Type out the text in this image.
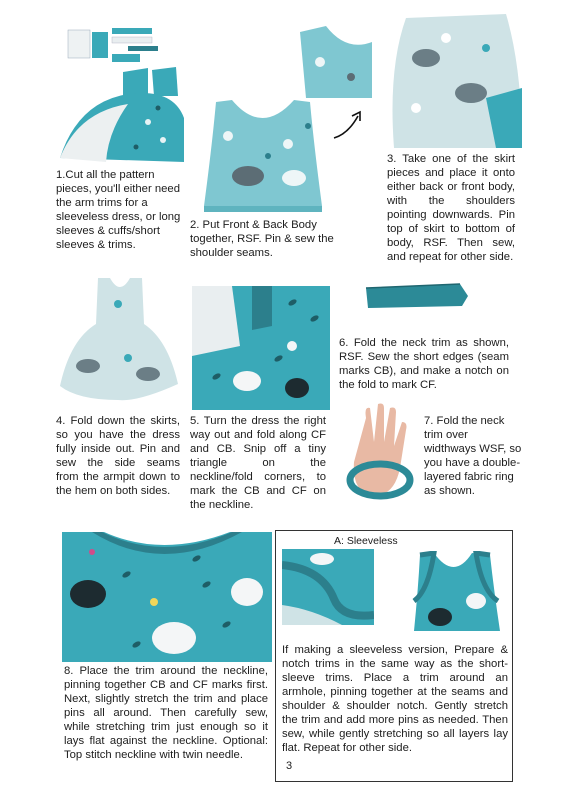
1.Cut all the pattern pieces, you'll either need the arm trims for a sleeveless dress, or long sleeves & cuffs/short sleeves & trims.
2. Put Front & Back Body together, RSF. Pin & sew the shoulder seams.
3. Take one of the skirt pieces and place it onto either back or front body, with the shoulders pointing downwards. Pin top of skirt to bottom of body, RSF. Then sew, and repeat for other side.
6. Fold the neck trim as shown, RSF. Sew the short edges (seam marks CB), and make a notch on the fold to mark CF.
4. Fold down the skirts, so you have the dress fully inside out. Pin and sew the side seams from the armpit down to the hem on both sides.
5. Turn the dress the right way out and fold along CF and CB. Snip off a tiny triangle on the neckline/fold corners, to mark the CB and CF on the neckline.
7. Fold the neck trim over widthways WSF, so you have a double-layered fabric ring as shown.
8. Place the trim around the neckline, pinning together CB and CF marks first. Next, slightly stretch the trim and place pins all around. Then carefully sew, while stretching trim just enough so it lays flat against the neckline. Optional: Top stitch neckline with twin needle.
A: Sleeveless
If making a sleeveless version, Prepare & notch trims in the same way as the short-sleeve trims. Place a trim around an armhole, pinning together at the seams and shoulder & shoulder notch. Gently stretch the trim and add more pins as needed. Then sew, while gently stretching so all layers lay flat. Repeat for other side.
3
